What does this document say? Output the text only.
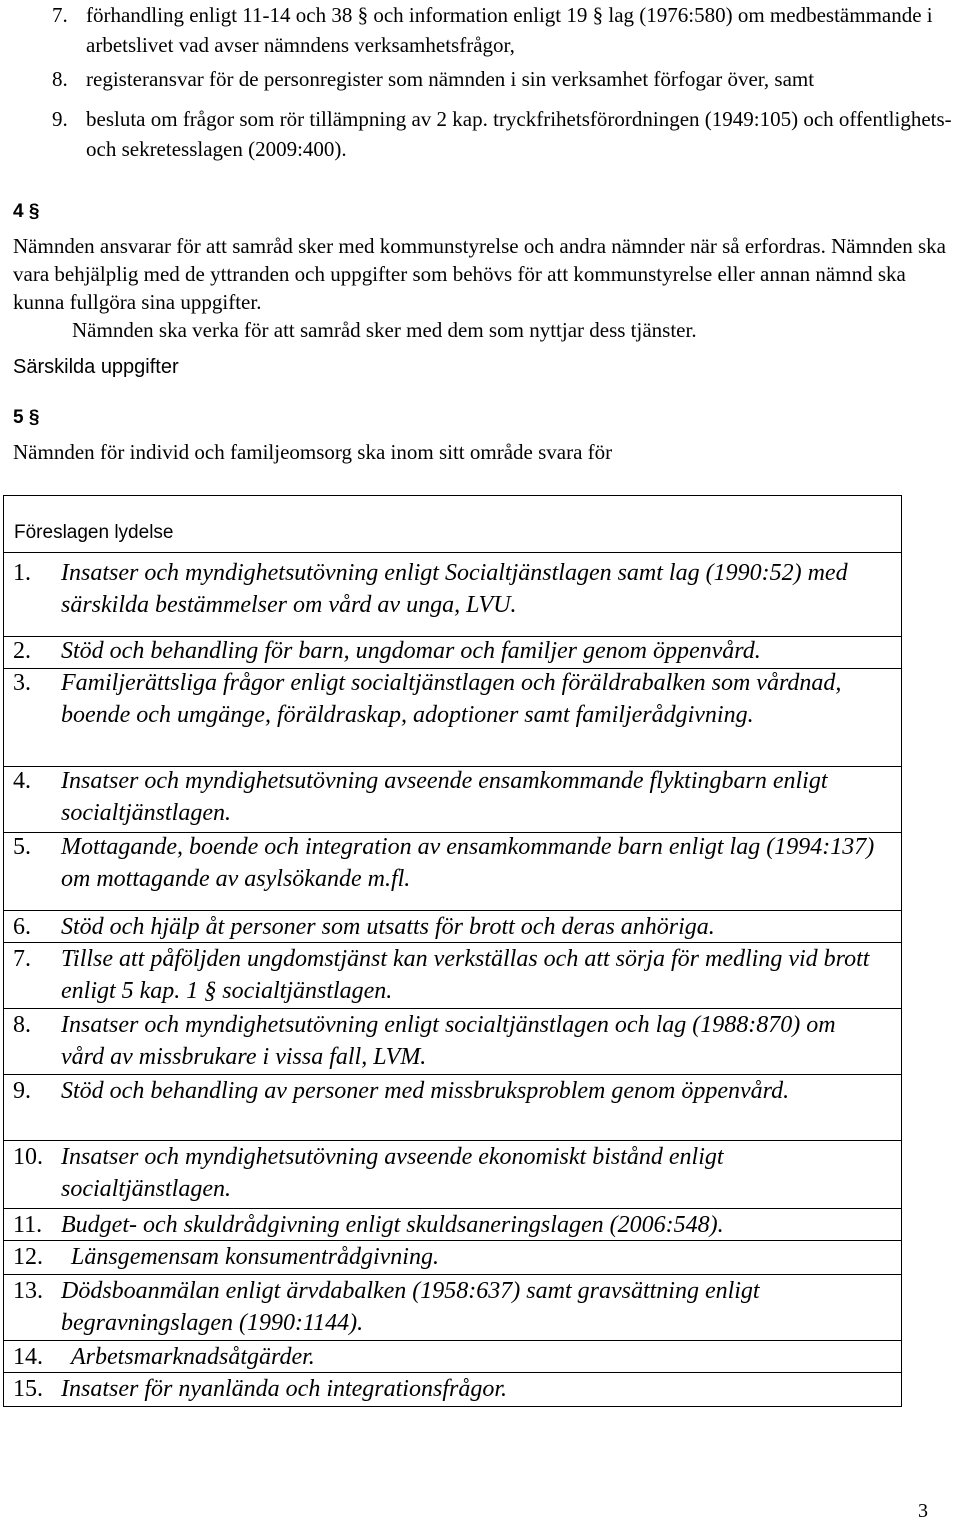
7. förhandling enligt 11-14 och 38 § och information enligt 19 § lag (1976:580) om medbestämmande i arbetslivet vad avser nämndens verksamhetsfrågor,
8. registeransvar för de personregister som nämnden i sin verksamhet förfogar över, samt
9. besluta om frågor som rör tillämpning av 2 kap. tryckfrihetsförordningen (1949:105) och offentlighets- och sekretesslagen (2009:400).
4 §
Nämnden ansvarar för att samråd sker med kommunstyrelse och andra nämnder när så erfordras. Nämnden ska vara behjälplig med de yttranden och uppgifter som behövs för att kommunstyrelse eller annan nämnd ska kunna fullgöra sina uppgifter.
Nämnden ska verka för att samråd sker med dem som nyttjar dess tjänster.
Särskilda uppgifter
5 §
Nämnden för individ och familjeomsorg ska inom sitt område svara för
Föreslagen lydelse
1. Insatser och myndighetsutövning enligt Socialtjänstlagen samt lag (1990:52) med särskilda bestämmelser om vård av unga, LVU.
2. Stöd och behandling för barn, ungdomar och familjer genom öppenvård.
3. Familjerättsliga frågor enligt socialtjänstlagen och föräldrabalken som vårdnad, boende och umgänge, föräldraskap, adoptioner samt familjerådgivning.
4. Insatser och myndighetsutövning avseende ensamkommande flyktingbarn enligt socialtjänstlagen.
5. Mottagande, boende och integration av ensamkommande barn enligt lag (1994:137) om mottagande av asylsökande m.fl.
6. Stöd och hjälp åt personer som utsatts för brott och deras anhöriga.
7. Tillse att påföljden ungdomstjänst kan verkställas och att sörja för medling vid brott enligt 5 kap. 1 § socialtjänstlagen.
8. Insatser och myndighetsutövning enligt socialtjänstlagen och lag (1988:870) om vård av missbrukare i vissa fall, LVM.
9. Stöd och behandling av personer med missbruksproblem genom öppenvård.
10. Insatser och myndighetsutövning avseende ekonomiskt bistånd enligt socialtjänstlagen.
11. Budget- och skuldrådgivning enligt skuldsaneringslagen (2006:548).
12. Länsgemensam konsumentrådgivning.
13. Dödsboanmälan enligt ärvdabalken (1958:637) samt gravsättning enligt begravningslagen (1990:1144).
14. Arbetsmarknadsåtgärder.
15. Insatser för nyanlända och integrationsfrågor.
3
